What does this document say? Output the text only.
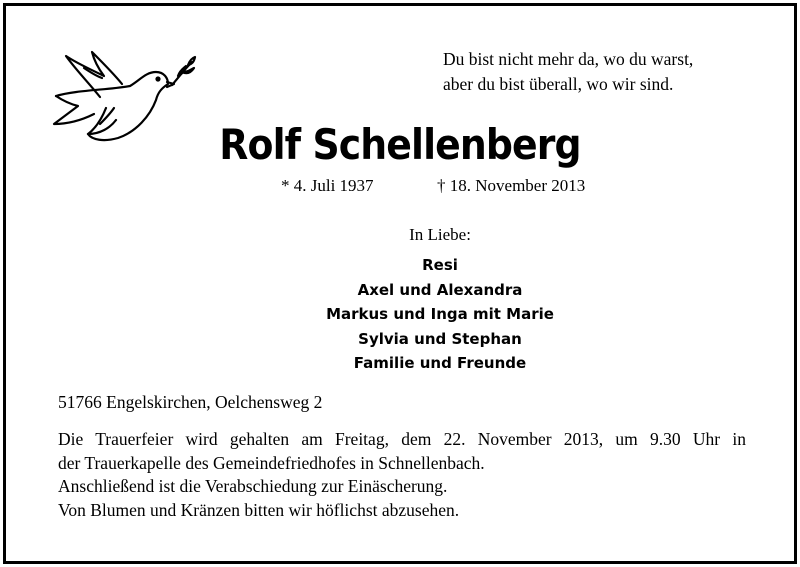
Du bist nicht mehr da, wo du warst,
aber du bist überall, wo wir sind.
Rolf Schellenberg
* 4. Juli 1937	† 18. November 2013
In Liebe:
Resi
Axel und Alexandra
Markus und Inga mit Marie
Sylvia und Stephan
Familie und Freunde
51766 Engelskirchen, Oelchensweg 2
Die Trauerfeier wird gehalten am Freitag, dem 22. November 2013, um 9.30 Uhr in
der Trauerkapelle des Gemeindefriedhofes in Schnellenbach.
Anschließend ist die Verabschiedung zur Einäscherung.
Von Blumen und Kränzen bitten wir höflichst abzusehen.
